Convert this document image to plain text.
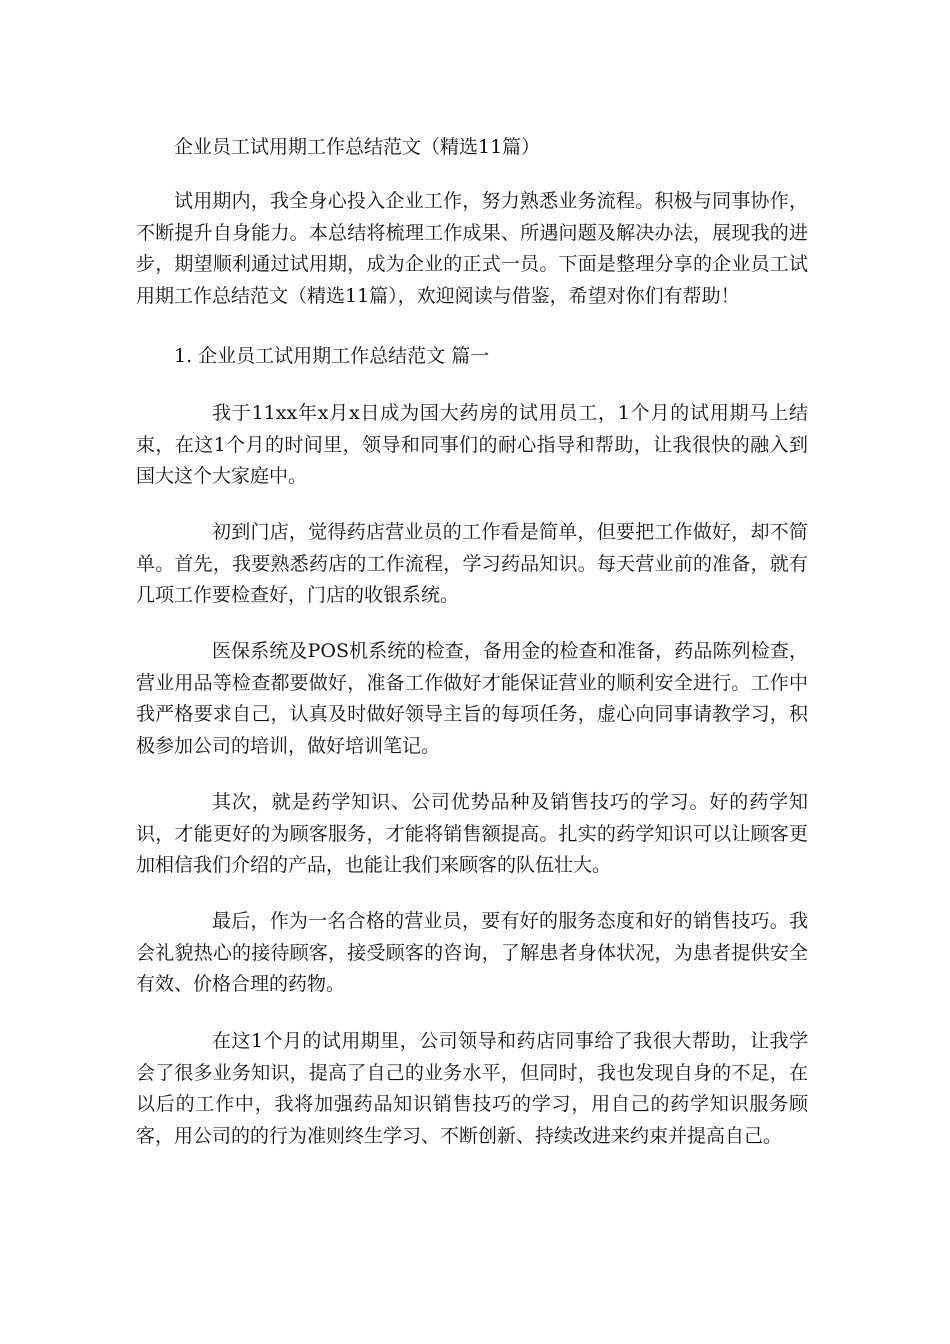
企业员工试用期工作总结范文（精选11篇）

试用期内，我全身心投入企业工作，努力熟悉业务流程。积极与同事协作，不断提升自身能力。本总结将梳理工作成果、所遇问题及解决办法，展现我的进步，期望顺利通过试用期，成为企业的正式一员。下面是整理分享的企业员工试用期工作总结范文（精选11篇），欢迎阅读与借鉴，希望对你们有帮助！

1. 企业员工试用期工作总结范文 篇一

我于11xx年x月x日成为国大药房的试用员工，1个月的试用期马上结束，在这1个月的时间里，领导和同事们的耐心指导和帮助，让我很快的融入到国大这个大家庭中。

初到门店，觉得药店营业员的工作看是简单，但要把工作做好，却不简单。首先，我要熟悉药店的工作流程，学习药品知识。每天营业前的准备，就有几项工作要检查好，门店的收银系统。

医保系统及POS机系统的检查，备用金的检查和准备，药品陈列检查，营业用品等检查都要做好，准备工作做好才能保证营业的顺利安全进行。工作中我严格要求自己，认真及时做好领导主旨的每项任务，虚心向同事请教学习，积极参加公司的培训，做好培训笔记。

其次，就是药学知识、公司优势品种及销售技巧的学习。好的药学知识，才能更好的为顾客服务，才能将销售额提高。扎实的药学知识可以让顾客更加相信我们介绍的产品，也能让我们来顾客的队伍壮大。

最后，作为一名合格的营业员，要有好的服务态度和好的销售技巧。我会礼貌热心的接待顾客，接受顾客的咨询，了解患者身体状况，为患者提供安全有效、价格合理的药物。

在这1个月的试用期里，公司领导和药店同事给了我很大帮助，让我学会了很多业务知识，提高了自己的业务水平，但同时，我也发现自身的不足，在以后的工作中，我将加强药品知识销售技巧的学习，用自己的药学知识服务顾客，用公司的的行为准则终生学习、不断创新、持续改进来约束并提高自己。
